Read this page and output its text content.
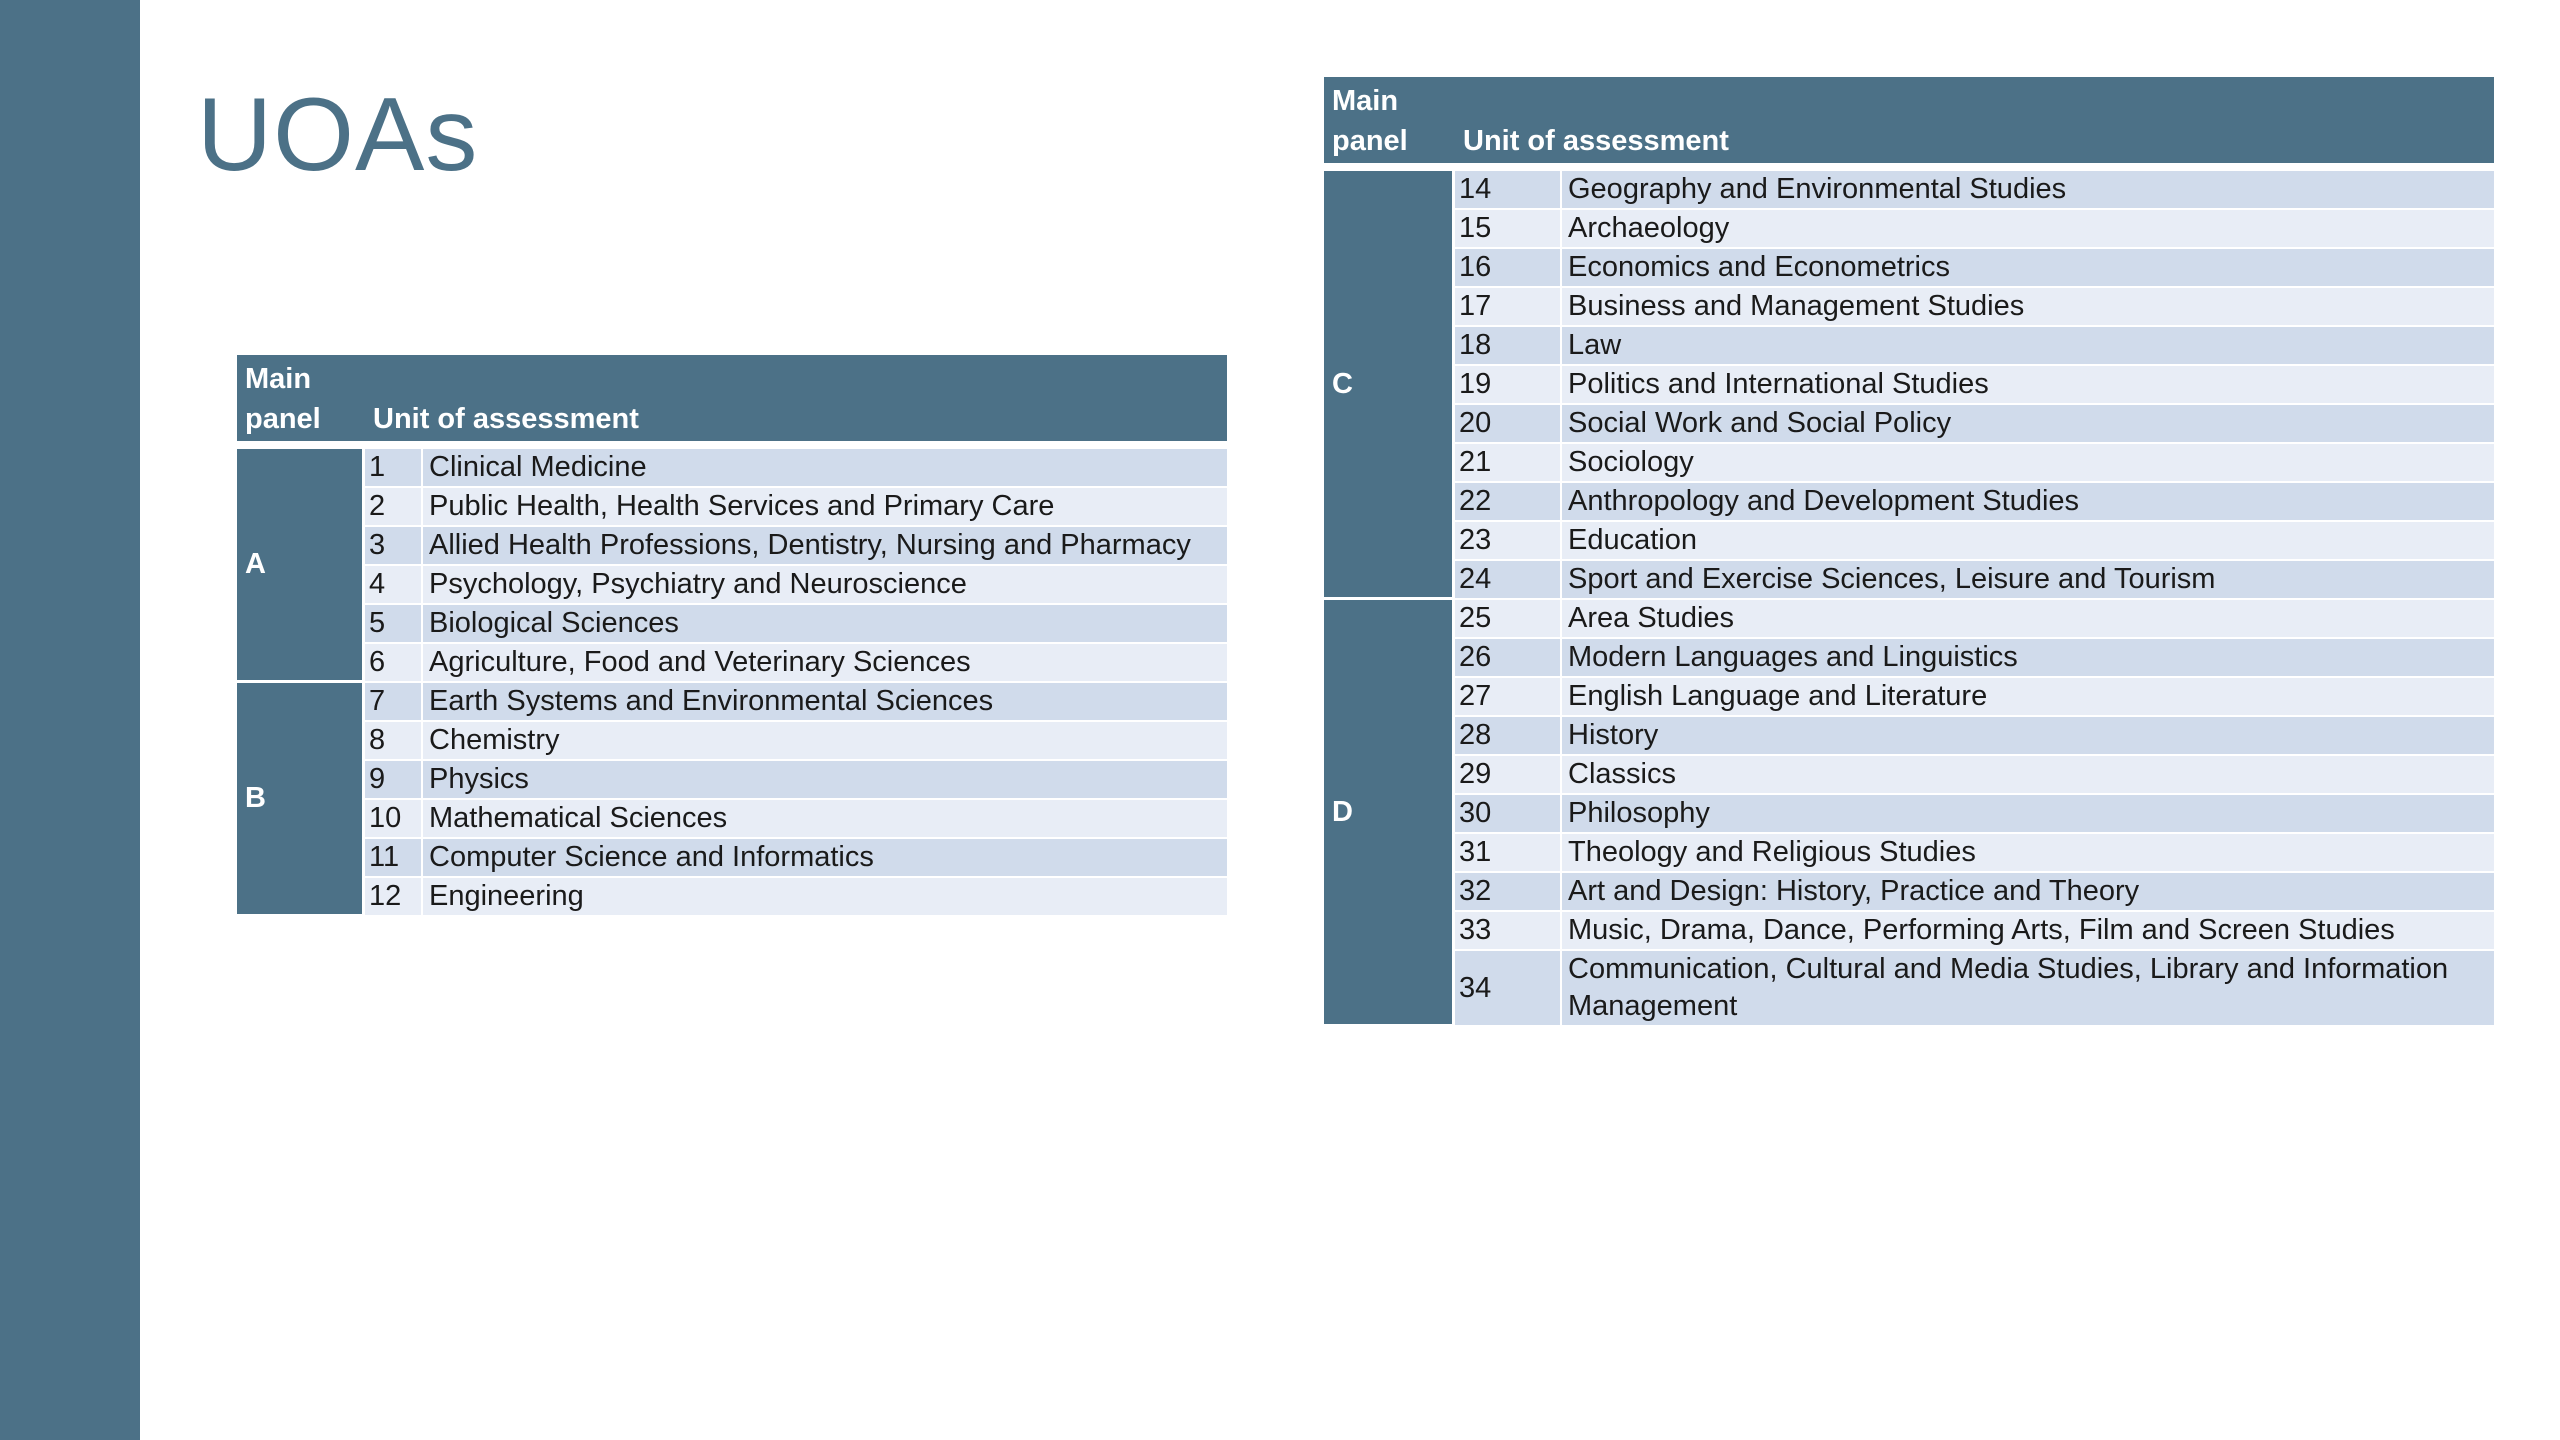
UOAs
Main panel	Unit of assessment	
A	1	Clinical Medicine
	2	Public Health, Health Services and Primary Care
	3	Allied Health Professions, Dentistry, Nursing and Pharmacy
	4	Psychology, Psychiatry and Neuroscience
	5	Biological Sciences
	6	Agriculture, Food and Veterinary Sciences
B	7	Earth Systems and Environmental Sciences
	8	Chemistry
	9	Physics
	10	Mathematical Sciences
	11	Computer Science and Informatics
	12	Engineering
Main panel	Unit of assessment	
C	14	Geography and Environmental Studies
	15	Archaeology
	16	Economics and Econometrics
	17	Business and Management Studies
	18	Law
	19	Politics and International Studies
	20	Social Work and Social Policy
	21	Sociology
	22	Anthropology and Development Studies
	23	Education
	24	Sport and Exercise Sciences, Leisure and Tourism
D	25	Area Studies
	26	Modern Languages and Linguistics
	27	English Language and Literature
	28	History
	29	Classics
	30	Philosophy
	31	Theology and Religious Studies
	32	Art and Design: History, Practice and Theory
	33	Music, Drama, Dance, Performing Arts, Film and Screen Studies
	34	Communication, Cultural and Media Studies, Library and Information Management
